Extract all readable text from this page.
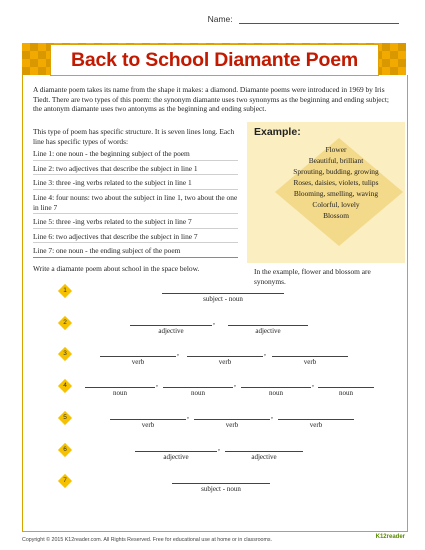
Name:
Back to School Diamante Poem
A diamante poem takes its name from the shape it makes: a diamond. Diamante poems were introduced in 1969 by Iris Tiedt. There are two types of this poem: the synonym diamante uses two synonyms as the beginning and ending subject; the antonym diamante uses two antonyms as the beginning and ending subject.
This type of poem has specific structure. It is seven lines long. Each line has specific types of words:
Line 1: one noun - the beginning subject of the poem
Line 2: two adjectives that describe the subject in line 1
Line 3: three -ing verbs related to the subject in line 1
Line 4: four nouns: two about the subject in line 1, two about the one in line 7
Line 5: three -ing verbs related to the subject in line 7
Line 6: two adjectives that describe the subject in line 7
Line 7: one noun - the ending subject of the poem
Example:
Flower
Beautiful, brilliant
Sprouting, budding, growing
Roses, daisies, violets, tulips
Blooming, smelling, waving
Colorful, lovely
Blossom
In the example, flower and blossom are synonyms.
Write a diamante poem about school in the space below.
1
subject - noun
2	,
adjective	adjective
3	,	,
verb	verb	verb
4	,	,	,
noun	noun	noun	noun
5	,	,
verb	verb	verb
6	,
adjective	adjective
7
subject - noun
Copyright © 2015 K12reader.com. All Rights Reserved. Free for educational use at home or in classrooms.	K12reader
